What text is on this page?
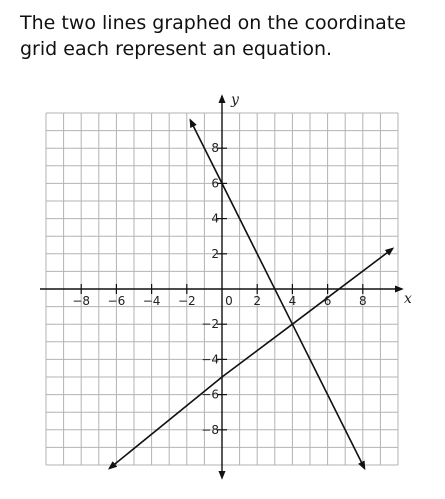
The two lines graphed on the coordinate grid each represent an equation.

−8 −6 −4 −2 0 2 4 6 8
8
6
4
2
−2
−4
−6
−8
x
y
